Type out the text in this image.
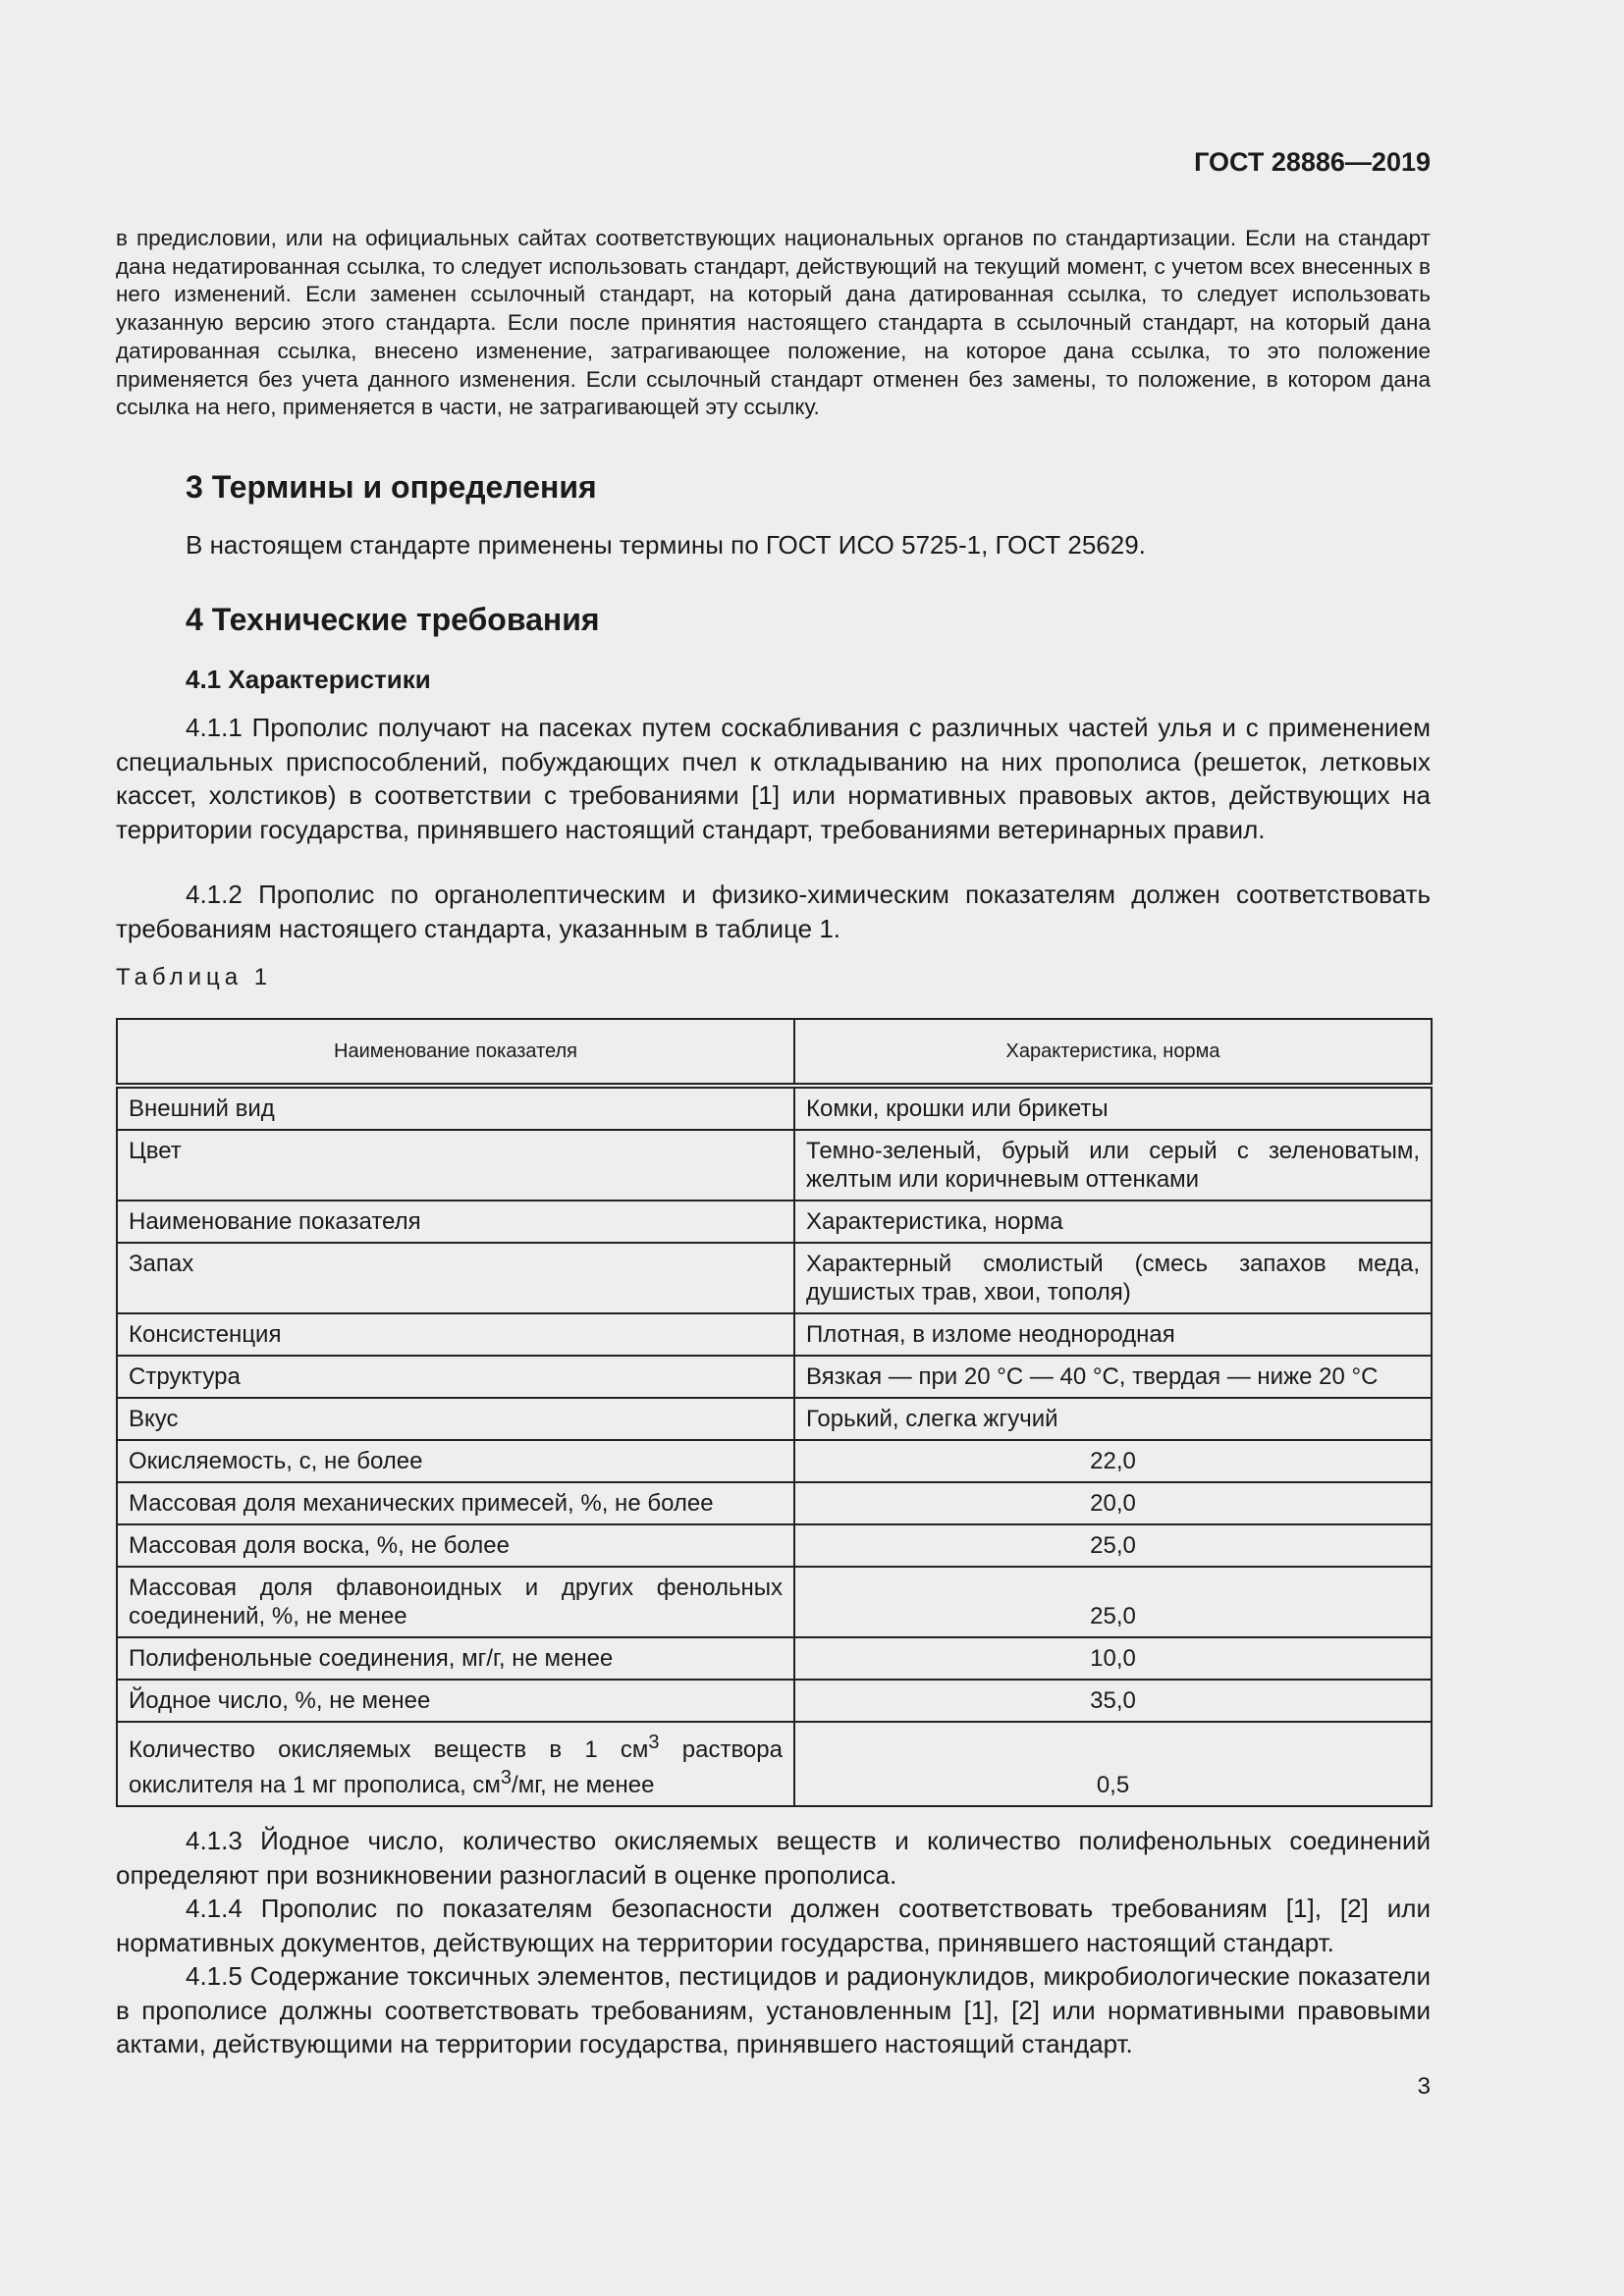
ГОСТ 28886—2019

в предисловии, или на официальных сайтах соответствующих национальных органов по стандартизации. Если на стандарт дана недатированная ссылка, то следует использовать стандарт, действующий на текущий момент, с учетом всех внесенных в него изменений. Если заменен ссылочный стандарт, на который дана датированная ссылка, то следует использовать указанную версию этого стандарта. Если после принятия настоящего стандарта в ссылочный стандарт, на который дана датированная ссылка, внесено изменение, затрагивающее положение, на которое дана ссылка, то это положение применяется без учета данного изменения. Если ссылочный стандарт отменен без замены, то положение, в котором дана ссылка на него, применяется в части, не затрагивающей эту ссылку.

3 Термины и определения

В настоящем стандарте применены термины по ГОСТ ИСО 5725-1, ГОСТ 25629.

4 Технические требования
4.1 Характеристики

4.1.1 Прополис получают на пасеках путем соскабливания с различных частей улья и с применением специальных приспособлений, побуждающих пчел к откладыванию на них прополиса (решеток, летковых кассет, холстиков) в соответствии с требованиями [1] или нормативных правовых актов, действующих на территории государства, принявшего настоящий стандарт, требованиями ветеринарных правил.

4.1.2 Прополис по органолептическим и физико-химическим показателям должен соответствовать требованиям настоящего стандарта, указанным в таблице 1.

Таблица 1

Наименование показателя	Характеристика, норма
Внешний вид	Комки, крошки или брикеты
Цвет	Темно-зеленый, бурый или серый с зеленоватым, желтым или коричневым оттенками
Наименование показателя	Характеристика, норма
Запах	Характерный смолистый (смесь запахов меда, душистых трав, хвои, тополя)
Консистенция	Плотная, в изломе неоднородная
Структура	Вязкая — при 20 °С — 40 °С, твердая — ниже 20 °С
Вкус	Горький, слегка жгучий
Окисляемость, с, не более	22,0
Массовая доля механических примесей, %, не более	20,0
Массовая доля воска, %, не более	25,0
Массовая доля флавоноидных и других фенольных соединений, %, не менее	25,0
Полифенольные соединения, мг/г, не менее	10,0
Йодное число, %, не менее	35,0
Количество окисляемых веществ в 1 $см^3$ раствора окислителя на 1 мг прополиса, $см^3/мг$, не менее	0,5

4.1.3 Йодное число, количество окисляемых веществ и количество полифенольных соединений определяют при возникновении разногласий в оценке прополиса.

4.1.4 Прополис по показателям безопасности должен соответствовать требованиям [1], [2] или нормативных документов, действующих на территории государства, принявшего настоящий стандарт.

4.1.5 Содержание токсичных элементов, пестицидов и радионуклидов, микробиологические показатели в прополисе должны соответствовать требованиям, установленным [1], [2] или нормативными правовыми актами, действующими на территории государства, принявшего настоящий стандарт.

3
